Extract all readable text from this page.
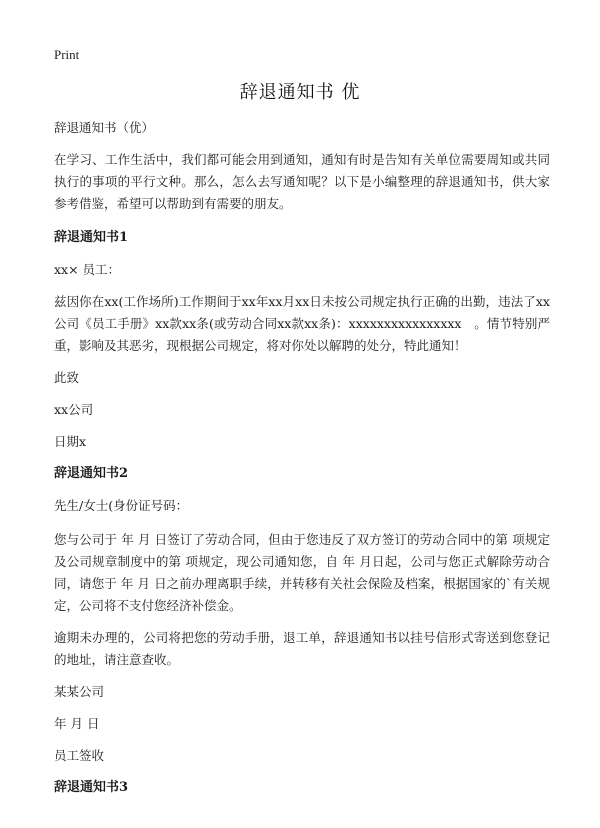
Print
辞退通知书 优

辞退通知书（优）

在学习、工作生活中，我们都可能会用到通知，通知有时是告知有关单位需要周知或共同执行的事项的平行文种。那么，怎么去写通知呢？以下是小编整理的辞退通知书，供大家参考借鉴，希望可以帮助到有需要的朋友。

辞退通知书1

xx× 员工：

兹因你在xx(工作场所)工作期间于xx年xx月xx日未按公司规定执行正确的出勤，违法了xx公司《员工手册》xx款xx条(或劳动合同xx款xx条)：xxxxxxxxxxxxxxxx　。情节特别严重，影响及其恶劣，现根据公司规定，将对你处以解聘的处分，特此通知！

此致

xx公司

日期x

辞退通知书2

先生/女士(身份证号码：

您与公司于 年 月 日签订了劳动合同，但由于您违反了双方签订的劳动合同中的第 项规定及公司规章制度中的第 项规定，现公司通知您，自 年 月日起，公司与您正式解除劳动合同，请您于 年 月 日之前办理离职手续，并转移有关社会保险及档案，根据国家的`有关规定，公司将不支付您经济补偿金。

逾期未办理的，公司将把您的劳动手册，退工单，辞退通知书以挂号信形式寄送到您登记的地址，请注意查收。

某某公司

年 月 日

员工签收

辞退通知书3
